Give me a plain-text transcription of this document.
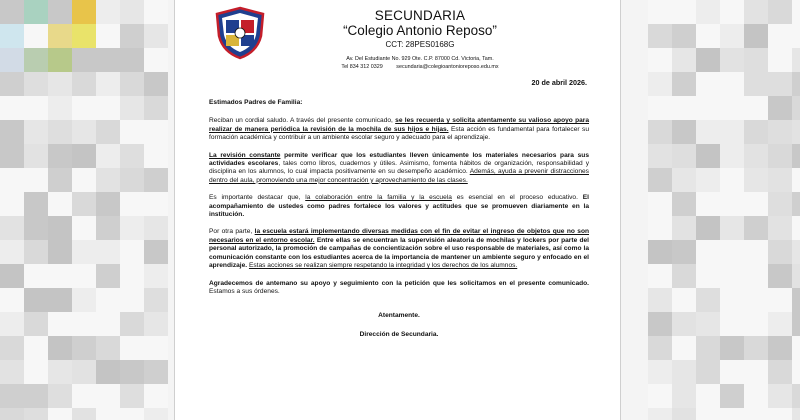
SECUNDARIA
“Colegio Antonio Reposo”
CCT: 28PES0168G
Av. Del Estudiante No. 929 Ote. C.P. 87000 Cd. Victoria, Tam.
Tel 834 312 0329	secundaria@colegioantonioreposo.edu.mx
20 de abril 2026.

Estimados Padres de Familia:

Reciban un cordial saludo. A través del presente comunicado, se les recuerda y solicita atentamente su valioso apoyo para realizar de manera periódica la revisión de la mochila de sus hijos e hijas. Esta acción es fundamental para fortalecer su formación académica y contribuir a un ambiente escolar seguro y adecuado para el aprendizaje.

La revisión constante permite verificar que los estudiantes lleven únicamente los materiales necesarios para sus actividades escolares, tales como libros, cuadernos y útiles. Asimismo, fomenta hábitos de organización, responsabilidad y disciplina en los alumnos, lo cual impacta positivamente en su desempeño académico. Además, ayuda a prevenir distracciones dentro del aula, promoviendo una mejor concentración y aprovechamiento de las clases.

Es importante destacar que, la colaboración entre la familia y la escuela es esencial en el proceso educativo. El acompañamiento de ustedes como padres fortalece los valores y actitudes que se promueven diariamente en la institución.

Por otra parte, la escuela estará implementando diversas medidas con el fin de evitar el ingreso de objetos que no son necesarios en el entorno escolar. Entre ellas se encuentran la supervisión aleatoria de mochilas y lockers por parte del personal autorizado, la promoción de campañas de concientización sobre el uso responsable de materiales, así como la comunicación constante con los estudiantes acerca de la importancia de mantener un ambiente seguro y enfocado en el aprendizaje. Estas acciones se realizan siempre respetando la integridad y los derechos de los alumnos.

Agradecemos de antemano su apoyo y seguimiento con la petición que les solicitamos en el presente comunicado. Estamos a sus órdenes.

Atentamente.

Dirección de Secundaria.
